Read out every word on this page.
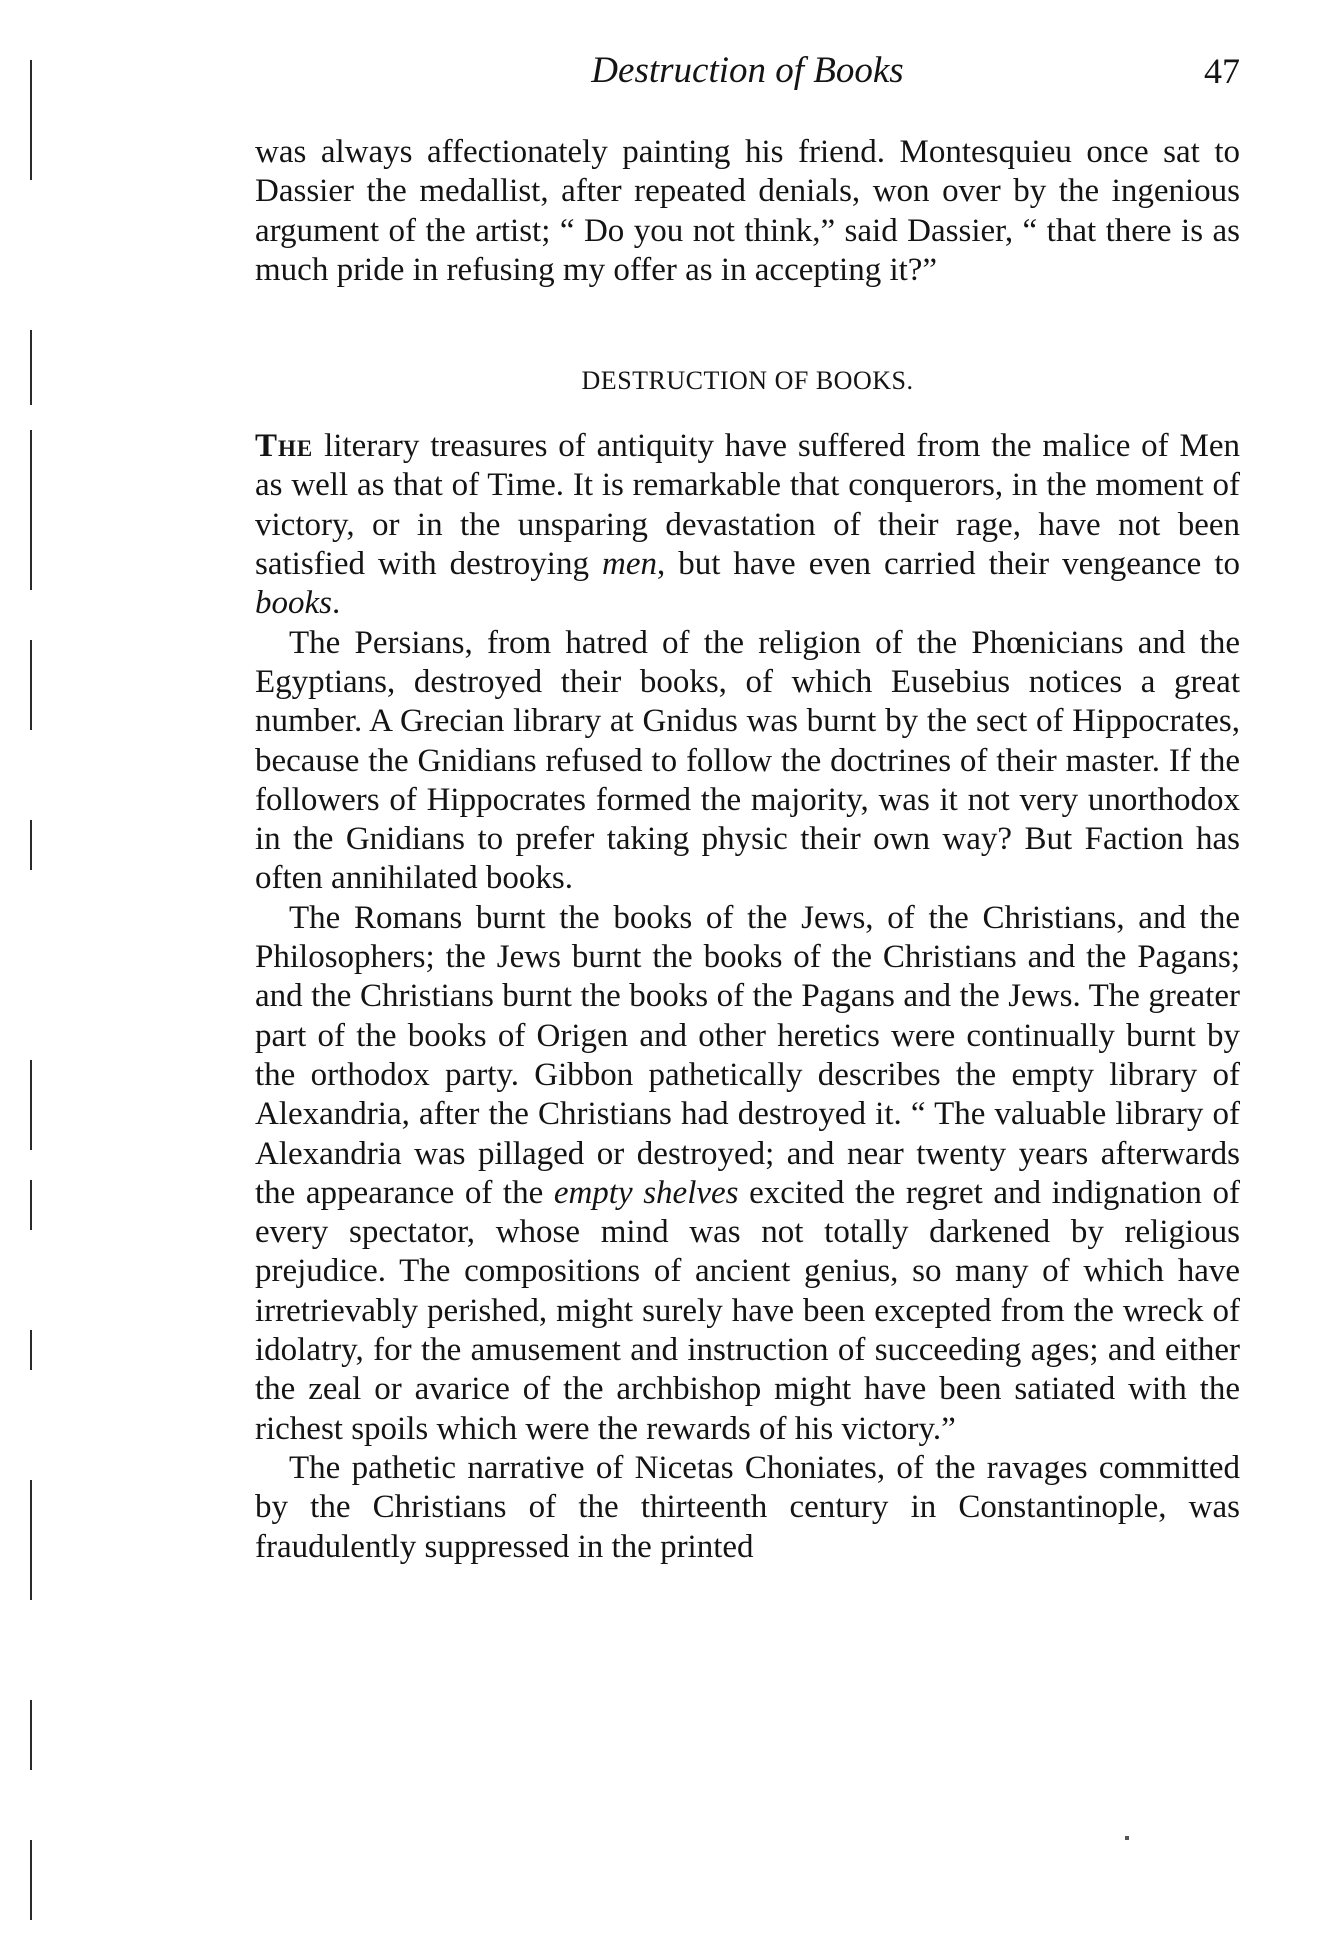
Destruction of Books	47

was always affectionately painting his friend. Montesquieu once sat to Dassier the medallist, after repeated denials, won over by the ingenious argument of the artist; “ Do you not think,” said Dassier, “ that there is as much pride in refusing my offer as in accepting it?”

DESTRUCTION OF BOOKS.

The literary treasures of antiquity have suffered from the malice of Men as well as that of Time. It is remarkable that conquerors, in the moment of victory, or in the unsparing devastation of their rage, have not been satisfied with destroying men, but have even carried their vengeance to books.

The Persians, from hatred of the religion of the Phœnicians and the Egyptians, destroyed their books, of which Eusebius notices a great number. A Grecian library at Gnidus was burnt by the sect of Hippocrates, because the Gnidians refused to follow the doctrines of their master. If the followers of Hippocrates formed the majority, was it not very unorthodox in the Gnidians to prefer taking physic their own way? But Faction has often annihilated books.

The Romans burnt the books of the Jews, of the Christians, and the Philosophers; the Jews burnt the books of the Christians and the Pagans; and the Christians burnt the books of the Pagans and the Jews. The greater part of the books of Origen and other heretics were continually burnt by the orthodox party. Gibbon pathetically describes the empty library of Alexandria, after the Christians had destroyed it. “ The valuable library of Alexandria was pillaged or destroyed; and near twenty years afterwards the appearance of the empty shelves excited the regret and indignation of every spectator, whose mind was not totally darkened by religious prejudice. The compositions of ancient genius, so many of which have irretrievably perished, might surely have been excepted from the wreck of idolatry, for the amusement and instruction of succeeding ages; and either the zeal or avarice of the archbishop might have been satiated with the richest spoils which were the rewards of his victory.”

The pathetic narrative of Nicetas Choniates, of the ravages committed by the Christians of the thirteenth century in Constantinople, was fraudulently suppressed in the printed
